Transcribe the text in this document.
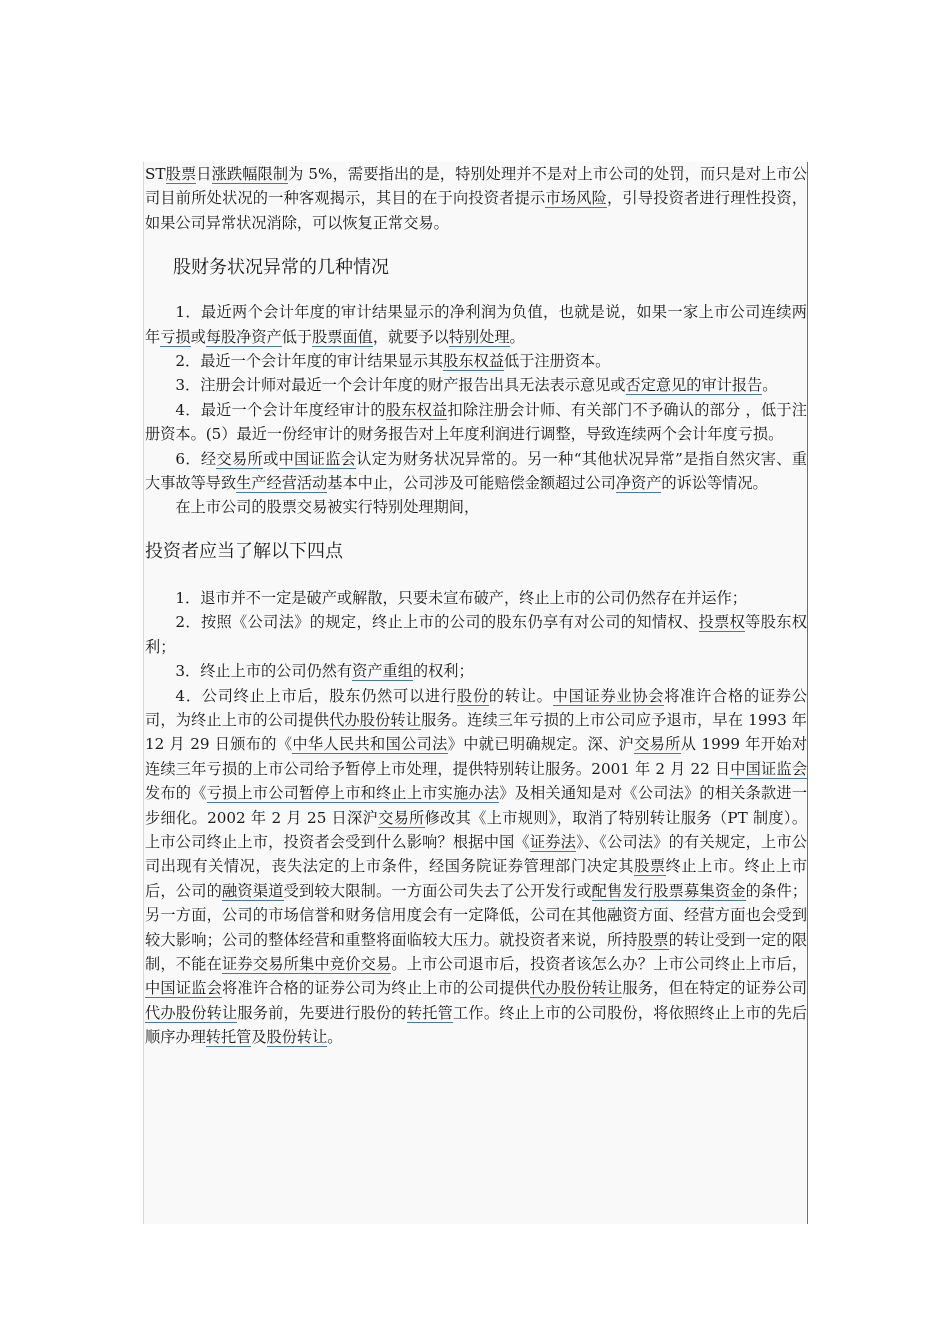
ST股票日涨跌幅限制为 5%，需要指出的是，特别处理并不是对上市公司的处罚，而只是对上市公司目前所处状况的一种客观揭示，其目的在于向投资者提示市场风险，引导投资者进行理性投资，如果公司异常状况消除，可以恢复正常交易。

股财务状况异常的几种情况

1．最近两个会计年度的审计结果显示的净利润为负值，也就是说，如果一家上市公司连续两年亏损或每股净资产低于股票面值，就要予以特别处理。

2．最近一个会计年度的审计结果显示其股东权益低于注册资本。

3．注册会计师对最近一个会计年度的财产报告出具无法表示意见或否定意见的审计报告。

4．最近一个会计年度经审计的股东权益扣除注册会计师、有关部门不予确认的部分 ，低于注册资本。(5）最近一份经审计的财务报告对上年度利润进行调整，导致连续两个会计年度亏损。

6．经交易所或中国证监会认定为财务状况异常的。另一种“其他状况异常”是指自然灾害、重大事故等导致生产经营活动基本中止，公司涉及可能赔偿金额超过公司净资产的诉讼等情况。

在上市公司的股票交易被实行特别处理期间，

投资者应当了解以下四点

1．退市并不一定是破产或解散，只要未宣布破产，终止上市的公司仍然存在并运作；

2．按照《公司法》的规定，终止上市的公司的股东仍享有对公司的知情权、投票权等股东权利；

3．终止上市的公司仍然有资产重组的权利；

4．公司终止上市后，股东仍然可以进行股份的转让。中国证券业协会将准许合格的证券公司，为终止上市的公司提供代办股份转让服务。连续三年亏损的上市公司应予退市，早在 1993 年 12 月 29 日颁布的《中华人民共和国公司法》中就已明确规定。深、沪交易所从 1999 年开始对连续三年亏损的上市公司给予暂停上市处理，提供特别转让服务。2001 年 2 月 22 日中国证监会发布的《亏损上市公司暂停上市和终止上市实施办法》及相关通知是对《公司法》的相关条款进一步细化。2002 年 2 月 25 日深沪交易所修改其《上市规则》，取消了特别转让服务（PT 制度）。上市公司终止上市，投资者会受到什么影响？根据中国《证券法》、《公司法》的有关规定，上市公司出现有关情况，丧失法定的上市条件，经国务院证券管理部门决定其股票终止上市。终止上市后，公司的融资渠道受到较大限制。一方面公司失去了公开发行或配售发行股票募集资金的条件；另一方面，公司的市场信誉和财务信用度会有一定降低，公司在其他融资方面、经营方面也会受到较大影响；公司的整体经营和重整将面临较大压力。就投资者来说，所持股票的转让受到一定的限制，不能在证券交易所集中竞价交易。上市公司退市后，投资者该怎么办？上市公司终止上市后，中国证监会将准许合格的证券公司为终止上市的公司提供代办股份转让服务，但在特定的证券公司代办股份转让服务前，先要进行股份的转托管工作。终止上市的公司股份，将依照终止上市的先后顺序办理转托管及股份转让。
